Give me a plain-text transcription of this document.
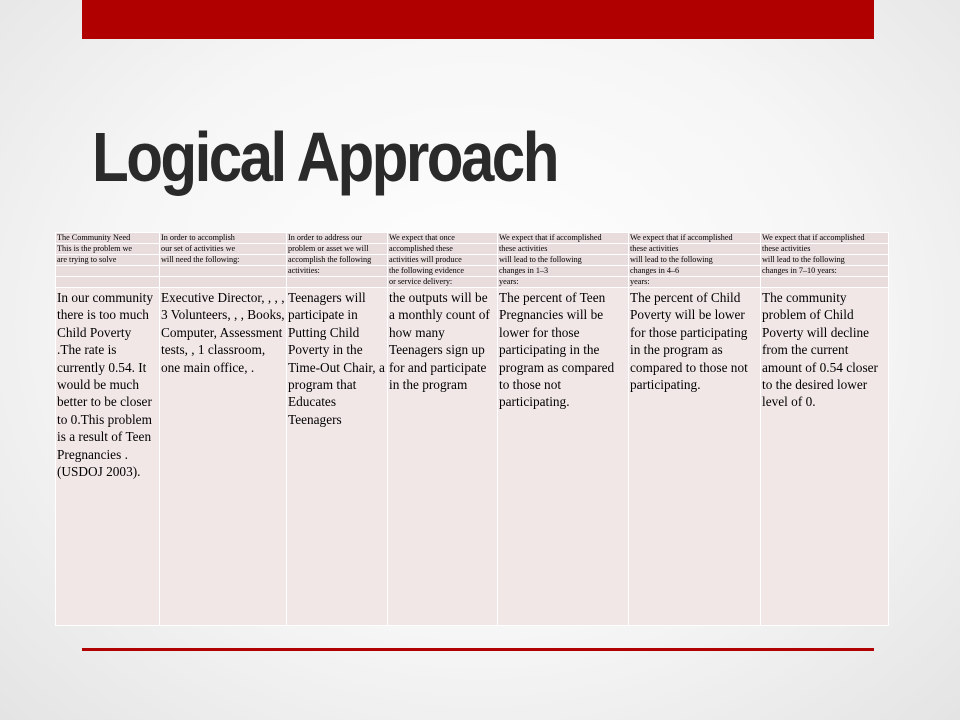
Logical Approach
The Community Need	In order to accomplish	In order to address our	We expect that once	We expect that if accomplished	We expect that if accomplished	We expect that if accomplished
This is the problem we	our set of activities we	problem or asset we will	accomplished these	these activities	these activities	these activities
are trying to solve	will need the following:	accomplish the following	activities will produce	will lead to the following	will lead to the following	will lead to the following
		activities:	the following evidence	changes in 1–3	changes in 4–6	changes in 7–10 years:
			or service delivery:	years:	years:	
In our community there is too much Child Poverty .The rate is currently 0.54. It would be much better to be closer to 0.This problem is a result of Teen Pregnancies . (USDOJ 2003).	Executive Director, , , , 3 Volunteers, , , Books, Computer, Assessment tests, , 1 classroom, one main office, .	Teenagers will participate in Putting Child Poverty in the Time-Out Chair, a program that Educates Teenagers	the outputs will be a monthly count of how many Teenagers sign up for and participate in the program	The percent of Teen Pregnancies will be lower for those participating in the program as compared to those not participating.	The percent of Child Poverty will be lower for those participating in the program as compared to those not participating.	The community problem of Child Poverty will decline from the current amount of 0.54 closer to the desired lower level of 0.
